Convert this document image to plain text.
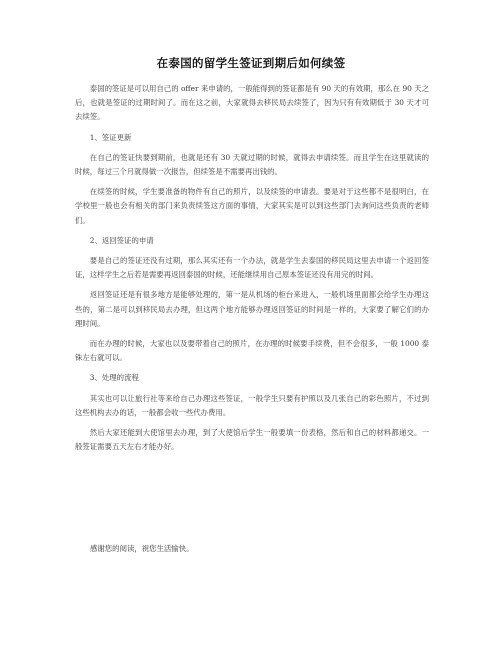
在泰国的留学生签证到期后如何续签

泰国的签证是可以用自己的 offer 来申请的，一般能得到的签证都是有 90 天的有效期，那么在 90 天之后，也就是签证的过期时间了。而在这之前，大家就得去移民局去续签了，因为只有有效期低于 30 天才可去续签。

1、签证更新

在自己的签证快要到期前，也就是还有 30 天就过期的时候，就得去申请续签。而且学生在这里就读的时候，每过三个月就得做一次报告，但续签是不需要再出钱的。

在续签的时候，学生要准备的物件有自己的照片，以及续签的申请表。要是对于这些都不是很明白，在学校里一般也会有相关的部门来负责续签这方面的事情，大家其实是可以到这些部门去询问这些负责的老师们。

2、返回签证的申请

要是自己的签证还没有过期，那么其实还有一个办法，就是学生去泰国的移民局这里去申请一个返回签证，这样学生之后若是需要再返回泰国的时候，还能继续用自己原本签证还没有用完的时间。

返回签证还是有很多地方是能够处理的，第一是从机场的柜台来进入，一般机场里面都会给学生办理这些的，第二是可以到移民局去办理，但这两个地方能够办理返回签证的时间是一样的，大家要了解它们的办理时间。

而在办理的时候，大家也以及要带着自己的照片，在办理的时候要手续费，但不会很多，一般 1000 泰铢左右就可以。

3、处理的流程

其实也可以让旅行社等来给自己办理这些签证，一般学生只要有护照以及几张自己的彩色照片，不过到这些机构去办的话，一般都会收一些代办费用。

然后大家还能到大使馆里去办理，到了大使馆后学生一般要填一份表格，然后和自己的材料都递交。一般签证需要五天左右才能办好。

感谢您的阅读，祝您生活愉快。
